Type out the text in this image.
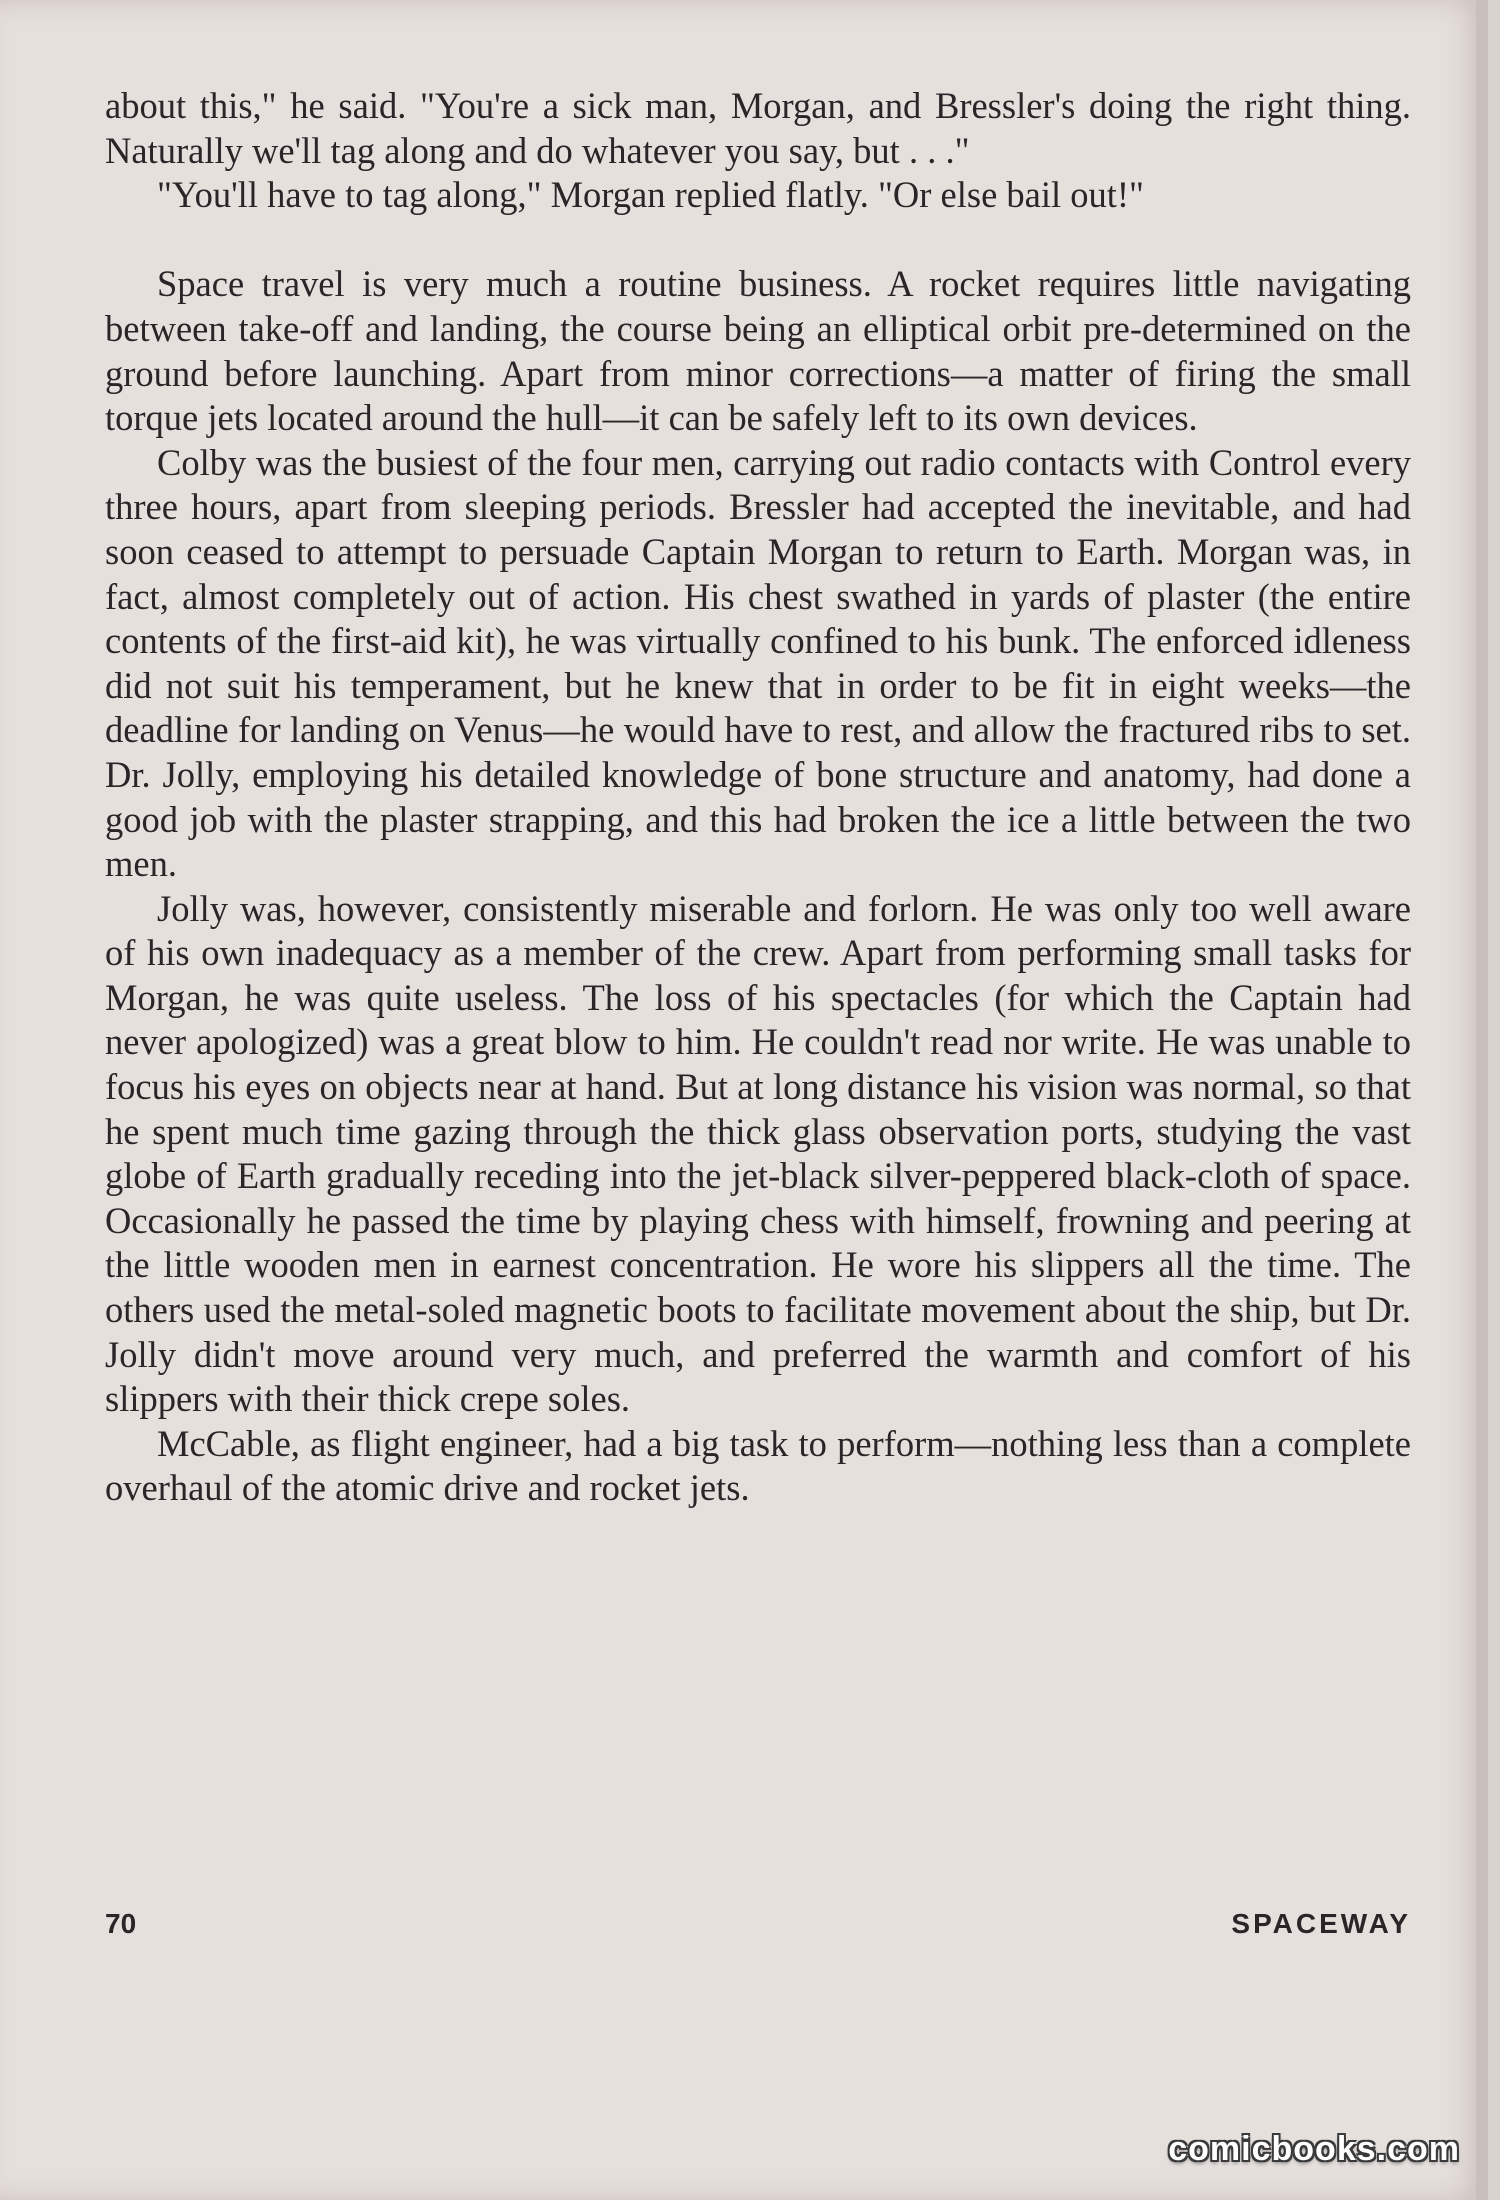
about this," he said. "You're a sick man, Morgan, and Bressler's doing the right thing. Naturally we'll tag along and do whatever you say, but . . ."

"You'll have to tag along," Morgan replied flatly. "Or else bail out!"

Space travel is very much a routine business. A rocket requires little navigating between take-off and landing, the course being an elliptical orbit pre-determined on the ground before launching. Apart from minor corrections—a matter of firing the small torque jets located around the hull—it can be safely left to its own devices.

Colby was the busiest of the four men, carrying out radio contacts with Control every three hours, apart from sleeping periods. Bressler had accepted the inevitable, and had soon ceased to attempt to persuade Captain Morgan to return to Earth. Morgan was, in fact, almost completely out of action. His chest swathed in yards of plaster (the entire contents of the first-aid kit), he was virtually confined to his bunk. The enforced idleness did not suit his temperament, but he knew that in order to be fit in eight weeks—the deadline for landing on Venus—he would have to rest, and allow the fractured ribs to set. Dr. Jolly, employing his detailed knowledge of bone structure and anatomy, had done a good job with the plaster strapping, and this had broken the ice a little between the two men.

Jolly was, however, consistently miserable and forlorn. He was only too well aware of his own inadequacy as a member of the crew. Apart from performing small tasks for Morgan, he was quite useless. The loss of his spectacles (for which the Captain had never apologized) was a great blow to him. He couldn't read nor write. He was unable to focus his eyes on objects near at hand. But at long distance his vision was normal, so that he spent much time gazing through the thick glass observation ports, studying the vast globe of Earth gradually receding into the jet-black silver-peppered black-cloth of space. Occasionally he passed the time by playing chess with himself, frowning and peering at the little wooden men in earnest concentration. He wore his slippers all the time. The others used the metal-soled magnetic boots to facilitate movement about the ship, but Dr. Jolly didn't move around very much, and preferred the warmth and comfort of his slippers with their thick crepe soles.

McCable, as flight engineer, had a big task to perform—nothing less than a complete overhaul of the atomic drive and rocket jets.

70	SPACEWAY
comicbooks.com
